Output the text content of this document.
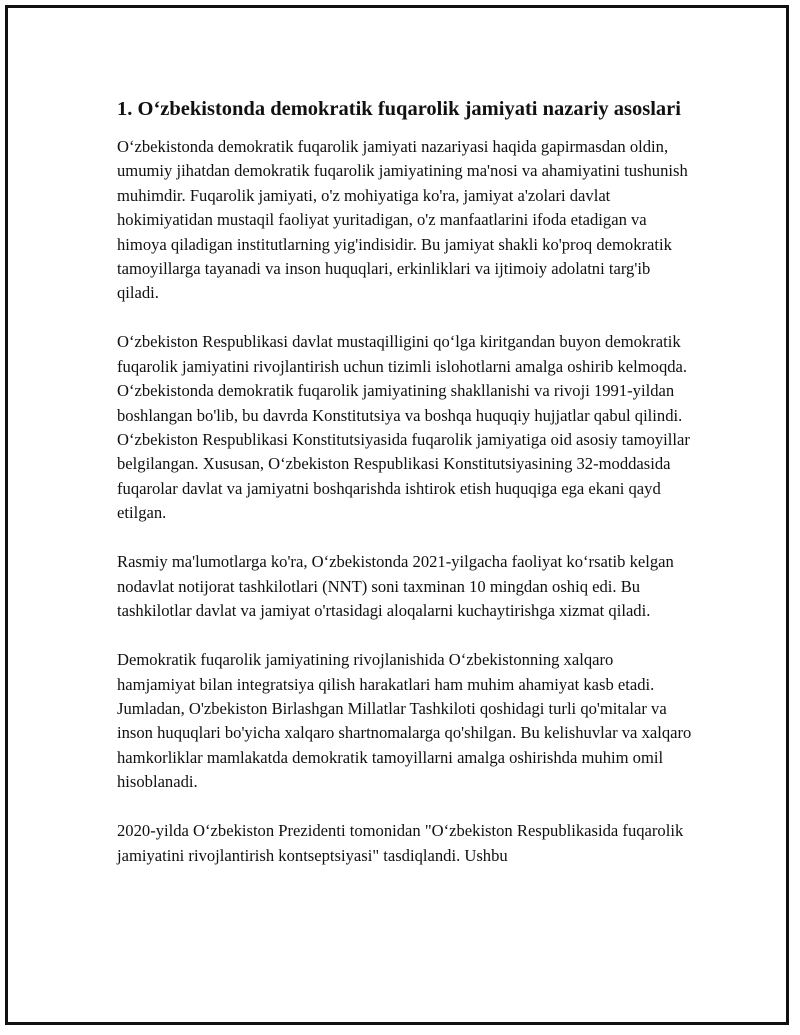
1. O‘zbekistonda demokratik fuqarolik jamiyati nazariy asoslari

O‘zbekistonda demokratik fuqarolik jamiyati nazariyasi haqida gapirmasdan oldin, umumiy jihatdan demokratik fuqarolik jamiyatining ma'nosi va ahamiyatini tushunish muhimdir. Fuqarolik jamiyati, o'z mohiyatiga ko'ra, jamiyat a'zolari davlat hokimiyatidan mustaqil faoliyat yuritadigan, o'z manfaatlarini ifoda etadigan va himoya qiladigan institutlarning yig'indisidir. Bu jamiyat shakli ko'proq demokratik tamoyillarga tayanadi va inson huquqlari, erkinliklari va ijtimoiy adolatni targ'ib qiladi.

O‘zbekiston Respublikasi davlat mustaqilligini qo‘lga kiritgandan buyon demokratik fuqarolik jamiyatini rivojlantirish uchun tizimli islohotlarni amalga oshirib kelmoqda. O‘zbekistonda demokratik fuqarolik jamiyatining shakllanishi va rivoji 1991-yildan boshlangan bo'lib, bu davrda Konstitutsiya va boshqa huquqiy hujjatlar qabul qilindi. O‘zbekiston Respublikasi Konstitutsiyasida fuqarolik jamiyatiga oid asosiy tamoyillar belgilangan. Xususan, O‘zbekiston Respublikasi Konstitutsiyasining 32-moddasida fuqarolar davlat va jamiyatni boshqarishda ishtirok etish huquqiga ega ekani qayd etilgan.

Rasmiy ma'lumotlarga ko'ra, O‘zbekistonda 2021-yilgacha faoliyat ko‘rsatib kelgan nodavlat notijorat tashkilotlari (NNT) soni taxminan 10 mingdan oshiq edi. Bu tashkilotlar davlat va jamiyat o'rtasidagi aloqalarni kuchaytirishga xizmat qiladi.

Demokratik fuqarolik jamiyatining rivojlanishida O‘zbekistonning xalqaro hamjamiyat bilan integratsiya qilish harakatlari ham muhim ahamiyat kasb etadi. Jumladan, O'zbekiston Birlashgan Millatlar Tashkiloti qoshidagi turli qo'mitalar va inson huquqlari bo'yicha xalqaro shartnomalarga qo'shilgan. Bu kelishuvlar va xalqaro hamkorliklar mamlakatda demokratik tamoyillarni amalga oshirishda muhim omil hisoblanadi.

2020-yilda O‘zbekiston Prezidenti tomonidan "O‘zbekiston Respublikasida fuqarolik jamiyatini rivojlantirish kontseptsiyasi" tasdiqlandi. Ushbu
